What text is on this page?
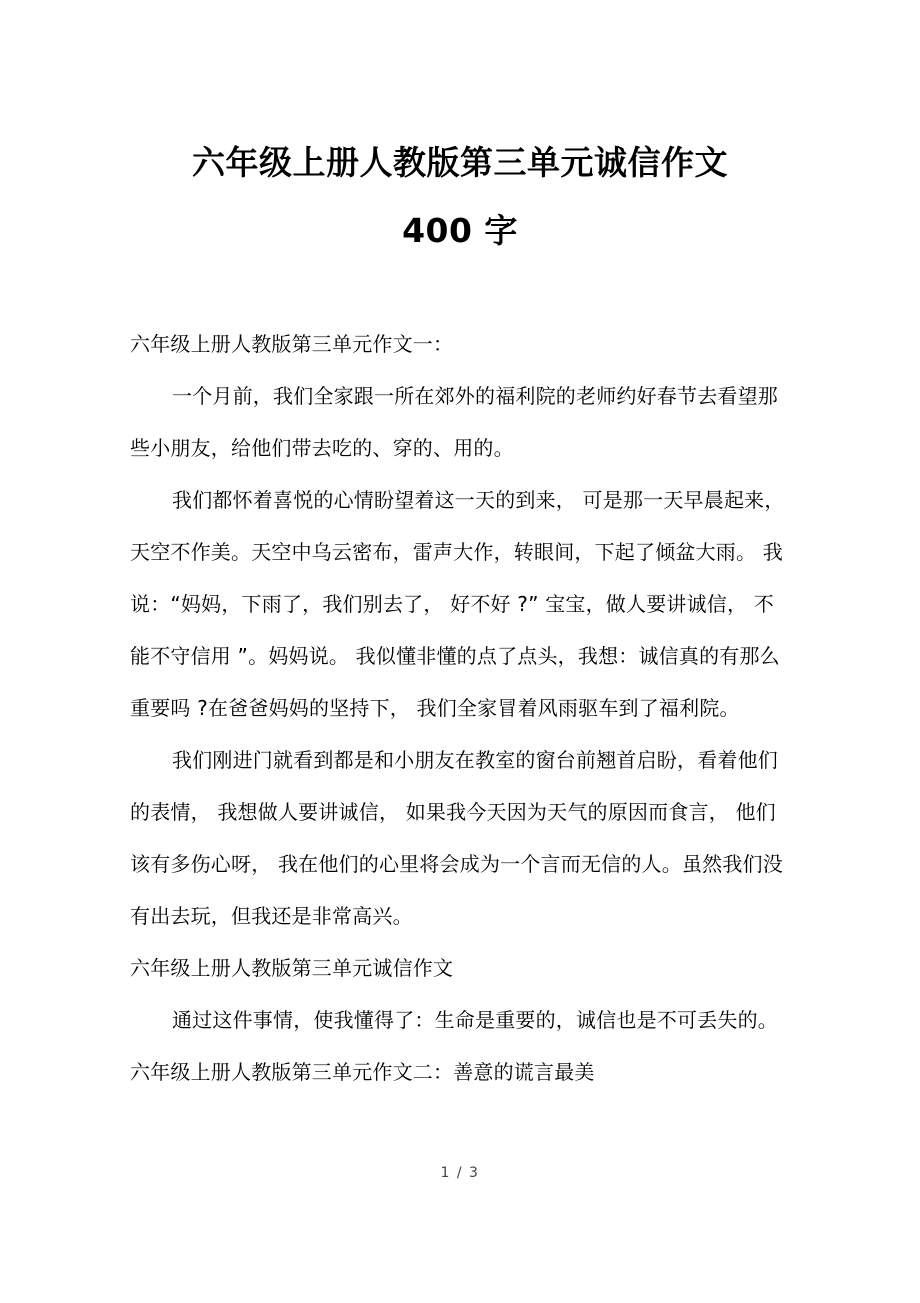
六年级上册人教版第三单元诚信作文
400 字

六年级上册人教版第三单元作文一：

一个月前，我们全家跟一所在郊外的福利院的老师约好春节去看望那些小朋友，给他们带去吃的、穿的、用的。

我们都怀着喜悦的心情盼望着这一天的到来， 可是那一天早晨起来，天空不作美。天空中乌云密布，雷声大作，转眼间，下起了倾盆大雨。 我说：“妈妈，下雨了，我们别去了， 好不好 ?” 宝宝，做人要讲诚信， 不能不守信用 ”。妈妈说。 我似懂非懂的点了点头，我想：诚信真的有那么重要吗 ?在爸爸妈妈的坚持下， 我们全家冒着风雨驱车到了福利院。

我们刚进门就看到都是和小朋友在教室的窗台前翘首启盼，看着他们的表情， 我想做人要讲诚信， 如果我今天因为天气的原因而食言， 他们该有多伤心呀， 我在他们的心里将会成为一个言而无信的人。虽然我们没有出去玩，但我还是非常高兴。

六年级上册人教版第三单元诚信作文

通过这件事情，使我懂得了：生命是重要的，诚信也是不可丢失的。

六年级上册人教版第三单元作文二：善意的谎言最美

1 / 3
